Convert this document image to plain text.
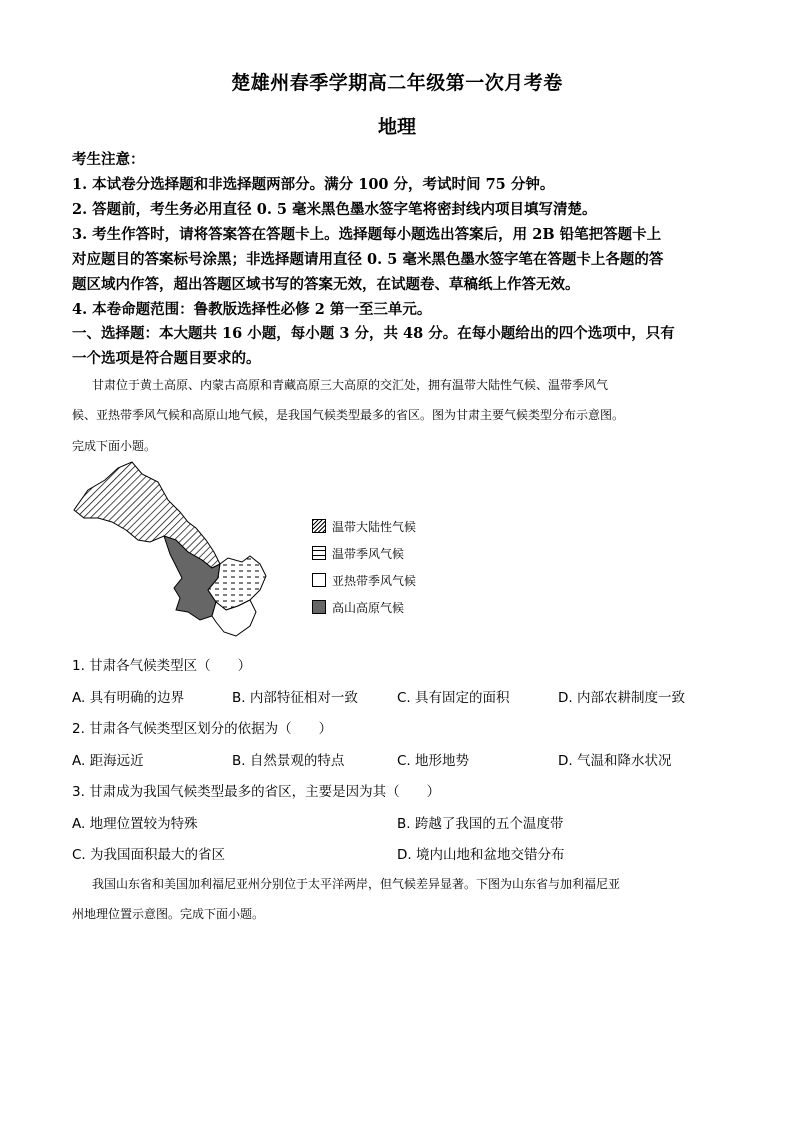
楚雄州春季学期高二年级第一次月考卷
地理
考生注意：
1. 本试卷分选择题和非选择题两部分。满分 100 分，考试时间 75 分钟。
2. 答题前，考生务必用直径 0. 5 毫米黑色墨水签字笔将密封线内项目填写清楚。
3. 考生作答时，请将答案答在答题卡上。选择题每小题选出答案后，用 2B 铅笔把答题卡上
对应题目的答案标号涂黑；非选择题请用直径 0. 5 毫米黑色墨水签字笔在答题卡上各题的答
题区域内作答，超出答题区域书写的答案无效，在试题卷、草稿纸上作答无效。
4. 本卷命题范围：鲁教版选择性必修 2 第一至三单元。
一、选择题：本大题共 16 小题，每小题 3 分，共 48 分。在每小题给出的四个选项中，只有
一个选项是符合题目要求的。
甘肃位于黄土高原、内蒙古高原和青藏高原三大高原的交汇处，拥有温带大陆性气候、温带季风气
候、亚热带季风气候和高原山地气候，是我国气候类型最多的省区。图为甘肃主要气候类型分布示意图。
完成下面小题。
温带大陆性气候
温带季风气候
亚热带季风气候
高山高原气候
1. 甘肃各气候类型区（　　）
A. 具有明确的边界	B. 内部特征相对一致	C. 具有固定的面积	D. 内部农耕制度一致
2. 甘肃各气候类型区划分的依据为（　　）
A. 距海远近	B. 自然景观的特点	C. 地形地势	D. 气温和降水状况
3. 甘肃成为我国气候类型最多的省区，主要是因为其（　　）
A. 地理位置较为特殊	B. 跨越了我国的五个温度带
C. 为我国面积最大的省区	D. 境内山地和盆地交错分布
我国山东省和美国加利福尼亚州分别位于太平洋两岸，但气候差异显著。下图为山东省与加利福尼亚
州地理位置示意图。完成下面小题。
